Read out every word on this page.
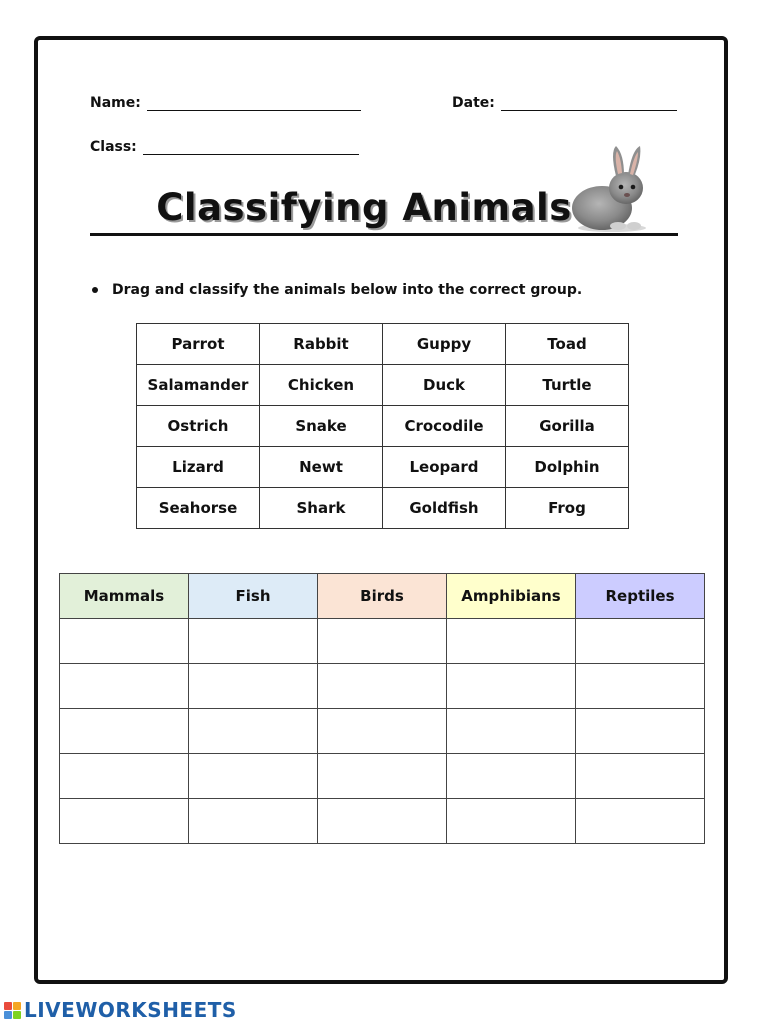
Name:	Date:
Class:
Classifying Animals
Drag and classify the animals below into the correct group.
Parrot	Rabbit	Guppy	Toad
Salamander	Chicken	Duck	Turtle
Ostrich	Snake	Crocodile	Gorilla
Lizard	Newt	Leopard	Dolphin
Seahorse	Shark	Goldfish	Frog
Mammals	Fish	Birds	Amphibians	Reptiles

LIVEWORKSHEETS
